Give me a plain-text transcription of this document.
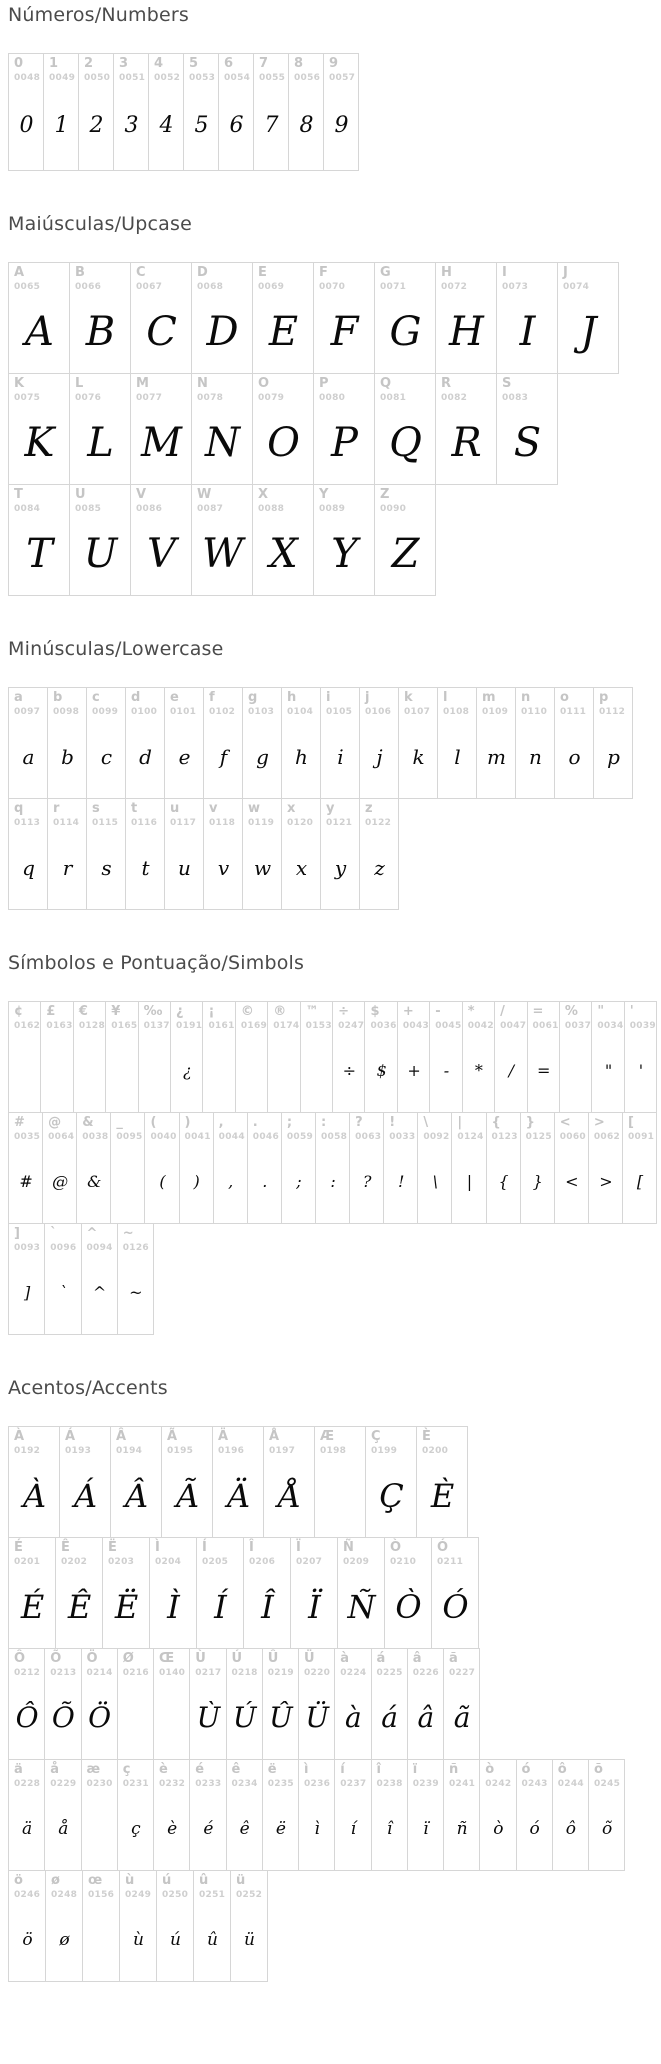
Números/Numbers
0
0048
0
1
0049
1
2
0050
2
3
0051
3
4
0052
4
5
0053
5
6
0054
6
7
0055
7
8
0056
8
9
0057
9
Maiúsculas/Upcase
A
0065
A
B
0066
B
C
0067
C
D
0068
D
E
0069
E
F
0070
F
G
0071
G
H
0072
H
I
0073
I
J
0074
J
K
0075
K
L
0076
L
M
0077
M
N
0078
N
O
0079
O
P
0080
P
Q
0081
Q
R
0082
R
S
0083
S
T
0084
T
U
0085
U
V
0086
V
W
0087
W
X
0088
X
Y
0089
Y
Z
0090
Z
Minúsculas/Lowercase
a
0097
a
b
0098
b
c
0099
c
d
0100
d
e
0101
e
f
0102
f
g
0103
g
h
0104
h
i
0105
i
j
0106
j
k
0107
k
l
0108
l
m
0109
m
n
0110
n
o
0111
o
p
0112
p
q
0113
q
r
0114
r
s
0115
s
t
0116
t
u
0117
u
v
0118
v
w
0119
w
x
0120
x
y
0121
y
z
0122
z
Símbolos e Pontuação/Simbols
¢
0162
£
0163
€
0128
¥
0165
‰
0137
¿
0191
¿
¡
0161
©
0169
®
0174
™
0153
÷
0247
÷
$
0036
$
+
0043
+
-
0045
-
*
0042
*
/
0047
/
=
0061
=
%
0037
"
0034
"
'
0039
'
#
0035
#
@
0064
@
&
0038
&
_
0095
(
0040
(
)
0041
)
,
0044
,
.
0046
.
;
0059
;
:
0058
:
?
0063
?
!
0033
!
\
0092
\
|
0124
|
{
0123
{
}
0125
}
<
0060
<
>
0062
>
[
0091
[
]
0093
]
`
0096
`
^
0094
^
~
0126
~
Acentos/Accents
À
0192
À
Á
0193
Á
Â
0194
Â
Ã
0195
Ã
Ä
0196
Ä
Å
0197
Å
Æ
0198
Ç
0199
Ç
È
0200
È
É
0201
É
Ê
0202
Ê
Ë
0203
Ë
Ì
0204
Ì
Í
0205
Í
Î
0206
Î
Ï
0207
Ï
Ñ
0209
Ñ
Ò
0210
Ò
Ó
0211
Ó
Ô
0212
Ô
Õ
0213
Õ
Ö
0214
Ö
Ø
0216
Œ
0140
Ù
0217
Ù
Ú
0218
Ú
Û
0219
Û
Ü
0220
Ü
à
0224
à
á
0225
á
â
0226
â
ã
0227
ã
ä
0228
ä
å
0229
å
æ
0230
ç
0231
ç
è
0232
è
é
0233
é
ê
0234
ê
ë
0235
ë
ì
0236
ì
í
0237
í
î
0238
î
ï
0239
ï
ñ
0241
ñ
ò
0242
ò
ó
0243
ó
ô
0244
ô
õ
0245
õ
ö
0246
ö
ø
0248
ø
œ
0156
ù
0249
ù
ú
0250
ú
û
0251
û
ü
0252
ü
